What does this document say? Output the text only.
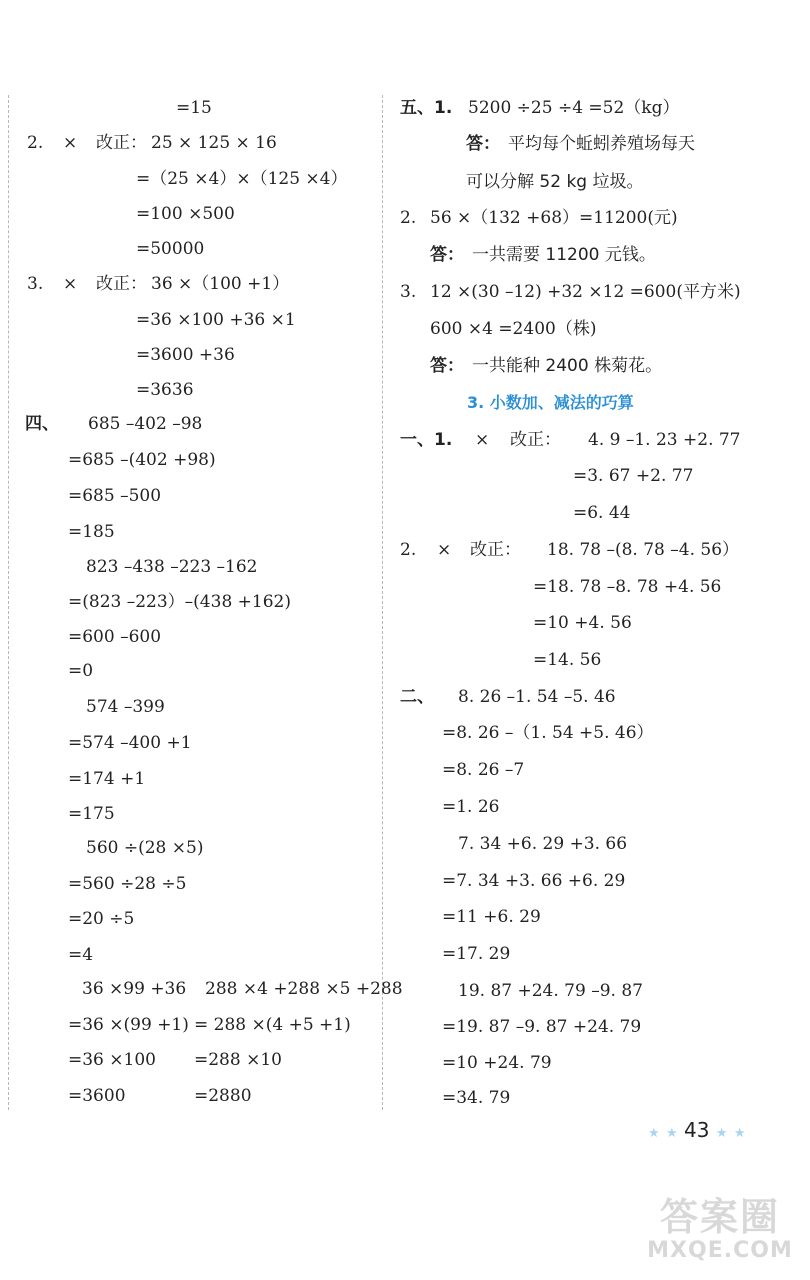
=15
2. × 改正： 25 × 125 × 16
=（25 ×4）×（125 ×4）
=100 ×500
=50000
3. × 改正： 36 ×（100 +1）
=36 ×100 +36 ×1
=3600 +36
=3636
四、 685 –402 –98
=685 –(402 +98)
=685 –500
=185
823 –438 –223 –162
=(823 –223）–(438 +162)
=600 –600
=0
574 –399
=574 –400 +1
=174 +1
=175
560 ÷(28 ×5)
=560 ÷28 ÷5
=20 ÷5
=4
36 ×99 +36 288 ×4 +288 ×5 +288
=36 ×(99 +1) = 288 ×(4 +5 +1)
=36 ×100 =288 ×10
=3600	=2880
五、1. 5200 ÷25 ÷4 =52（kg）
答： 平均每个蚯蚓养殖场每天
可以分解 52 kg 垃圾。
2. 56 ×（132 +68）=11200(元)
答： 一共需要 11200 元钱。
3. 12 ×(30 –12) +32 ×12 =600(平方米)
600 ×4 =2400（株)
答： 一共能种 2400 株菊花。
3. 小数加、减法的巧算
一、1. × 改正： 4. 9 –1. 23 +2. 77
=3. 67 +2. 77
=6. 44
2. × 改正： 18. 78 –(8. 78 –4. 56）
=18. 78 –8. 78 +4. 56
=10 +4. 56
=14. 56
二、 8. 26 –1. 54 –5. 46
=8. 26 –（1. 54 +5. 46）
=8. 26 –7
=1. 26
7. 34 +6. 29 +3. 66
=7. 34 +3. 66 +6. 29
=11 +6. 29
=17. 29
19. 87 +24. 79 –9. 87
=19. 87 –9. 87 +24. 79
=10 +24. 79
=34. 79
★ ★ 43 ★ ★
答案圈
MXQE.COM
